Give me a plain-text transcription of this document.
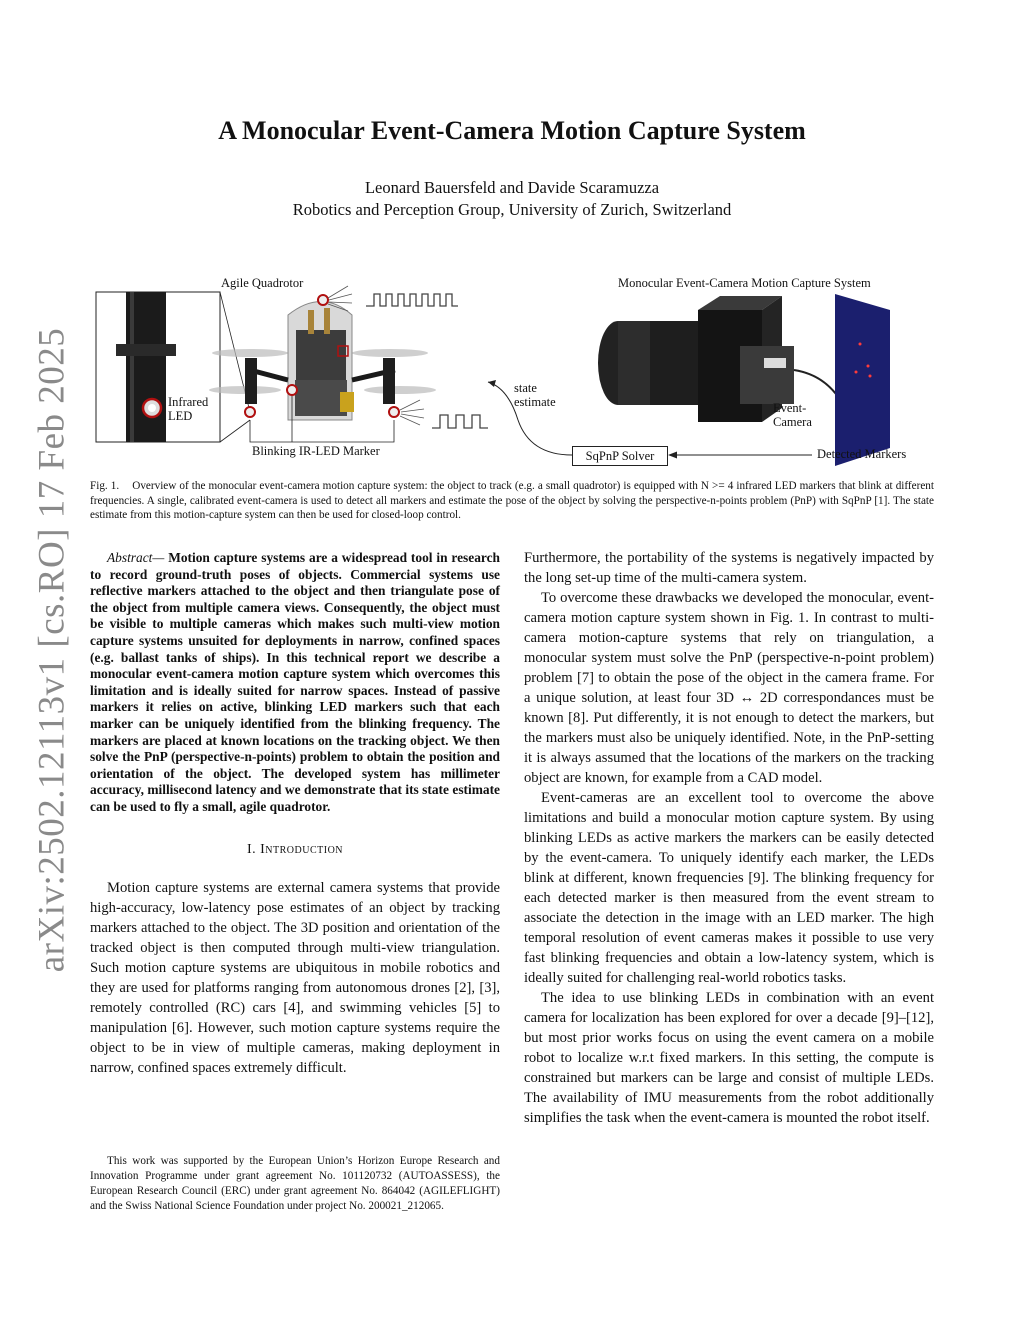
arXiv:2502.12113v1 [cs.RO] 17 Feb 2025
A Monocular Event-Camera Motion Capture System
Leonard Bauersfeld and Davide Scaramuzza
Robotics and Perception Group, University of Zurich, Switzerland
Agile Quadrotor	Monocular Event-Camera Motion Capture System
Infrared
LED
Blinking IR-LED Marker
state
estimate
SqPnP Solver	Detected Markers
Event-
Camera
Fig. 1. Overview of the monocular event-camera motion capture system: the object to track (e.g. a small quadrotor) is equipped with N >= 4 infrared LED markers that blink at different frequencies. A single, calibrated event-camera is used to detect all markers and estimate the pose of the object by solving the perspective-n-points problem (PnP) with SqPnP [1]. The state estimate from this motion-capture system can then be used for closed-loop control.

Abstract— Motion capture systems are a widespread tool in research to record ground-truth poses of objects. Commercial systems use reflective markers attached to the object and then triangulate pose of the object from multiple camera views. Consequently, the object must be visible to multiple cameras which makes such multi-view motion capture systems unsuited for deployments in narrow, confined spaces (e.g. ballast tanks of ships). In this technical report we describe a monocular event-camera motion capture system which overcomes this limitation and is ideally suited for narrow spaces. Instead of passive markers it relies on active, blinking LED markers such that each marker can be uniquely identified from the blinking frequency. The markers are placed at known locations on the tracking object. We then solve the PnP (perspective-n-points) problem to obtain the position and orientation of the object. The developed system has millimeter accuracy, millisecond latency and we demonstrate that its state estimate can be used to fly a small, agile quadrotor.

I. Introduction

Motion capture systems are external camera systems that provide high-accuracy, low-latency pose estimates of an object by tracking markers attached to the object. The 3D position and orientation of the tracked object is then computed through multi-view triangulation. Such motion capture systems are ubiquitous in mobile robotics and they are used for platforms ranging from autonomous drones [2], [3], remotely controlled (RC) cars [4], and swimming vehicles [5] to manipulation [6]. However, such motion capture systems require the object to be in view of multiple cameras, making deployment in narrow, confined spaces extremely difficult.

This work was supported by the European Union’s Horizon Europe Research and Innovation Programme under grant agreement No. 101120732 (AUTOASSESS), the European Research Council (ERC) under grant agreement No. 864042 (AGILEFLIGHT) and the Swiss National Science Foundation under project No. 200021_212065.

Furthermore, the portability of the systems is negatively impacted by the long set-up time of the multi-camera system.

To overcome these drawbacks we developed the monocular, event-camera motion capture system shown in Fig. 1. In contrast to multi-camera motion-capture systems that rely on triangulation, a monocular system must solve the PnP (perspective-n-point problem) problem [7] to obtain the pose of the object in the camera frame. For a unique solution, at least four 3D ↔ 2D correspondances must be known [8]. Put differently, it is not enough to detect the markers, but the markers must also be uniquely identified. Note, in the PnP-setting it is always assumed that the locations of the markers on the tracking object are known, for example from a CAD model.

Event-cameras are an excellent tool to overcome the above limitations and build a monocular motion capture system. By using blinking LEDs as active markers the markers can be easily detected by the event-camera. To uniquely identify each marker, the LEDs blink at different, known frequencies [9]. The blinking frequency for each detected marker is then measured from the event stream to associate the detection in the image with an LED marker. The high temporal resolution of event cameras makes it possible to use very fast blinking frequencies and obtain a low-latency system, which is ideally suited for challenging real-world robotics tasks.

The idea to use blinking LEDs in combination with an event camera for localization has been explored for over a decade [9]–[12], but most prior works focus on using the event camera on a mobile robot to localize w.r.t fixed markers. In this setting, the compute is constrained but markers can be large and consist of multiple LEDs. The availability of IMU measurements from the robot additionally simplifies the task when the event-camera is mounted the robot itself.
